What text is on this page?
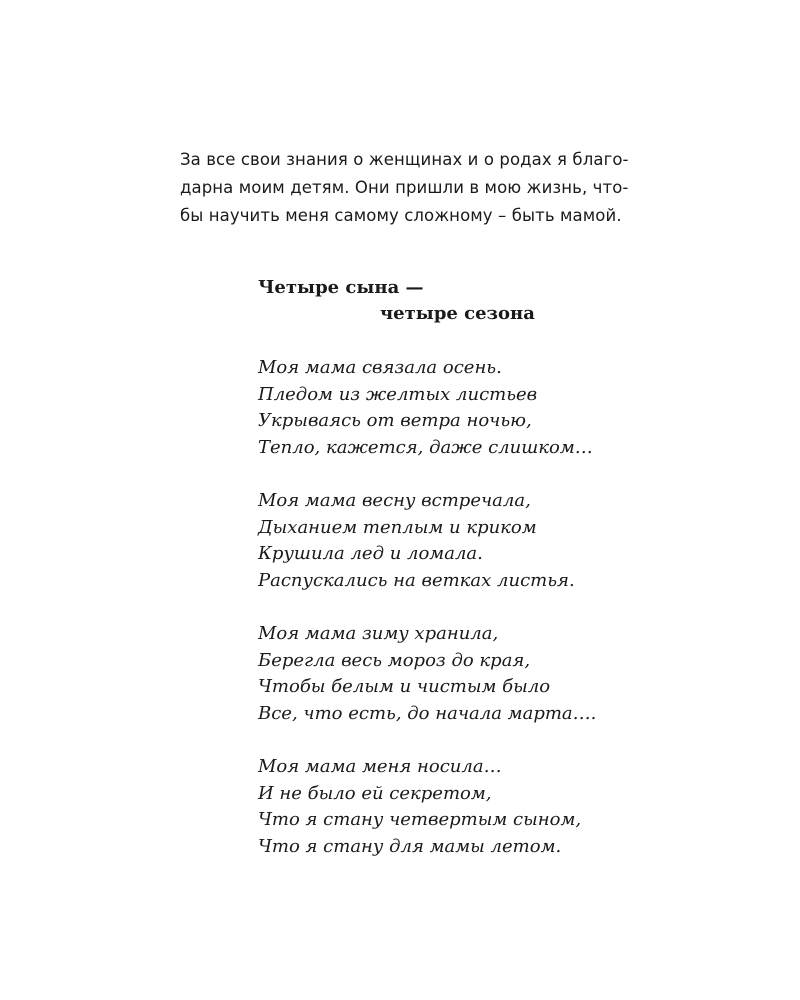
За все свои знания о женщинах и о родах я благо-
дарна моим детям. Они пришли в мою жизнь, что-
бы научить меня самому сложному – быть мамой.
Четыре сына —
четыре сезона
Моя мама связала осень.
Пледом из желтых листьев
Укрываясь от ветра ночью,
Тепло, кажется, даже слишком…
Моя мама весну встречала,
Дыханием теплым и криком
Крушила лед и ломала.
Распускались на ветках листья.
Моя мама зиму хранила,
Берегла весь мороз до края,
Чтобы белым и чистым было
Все, что есть, до начала марта….
Моя мама меня носила…
И не было ей секретом,
Что я стану четвертым сыном,
Что я стану для мамы летом.
